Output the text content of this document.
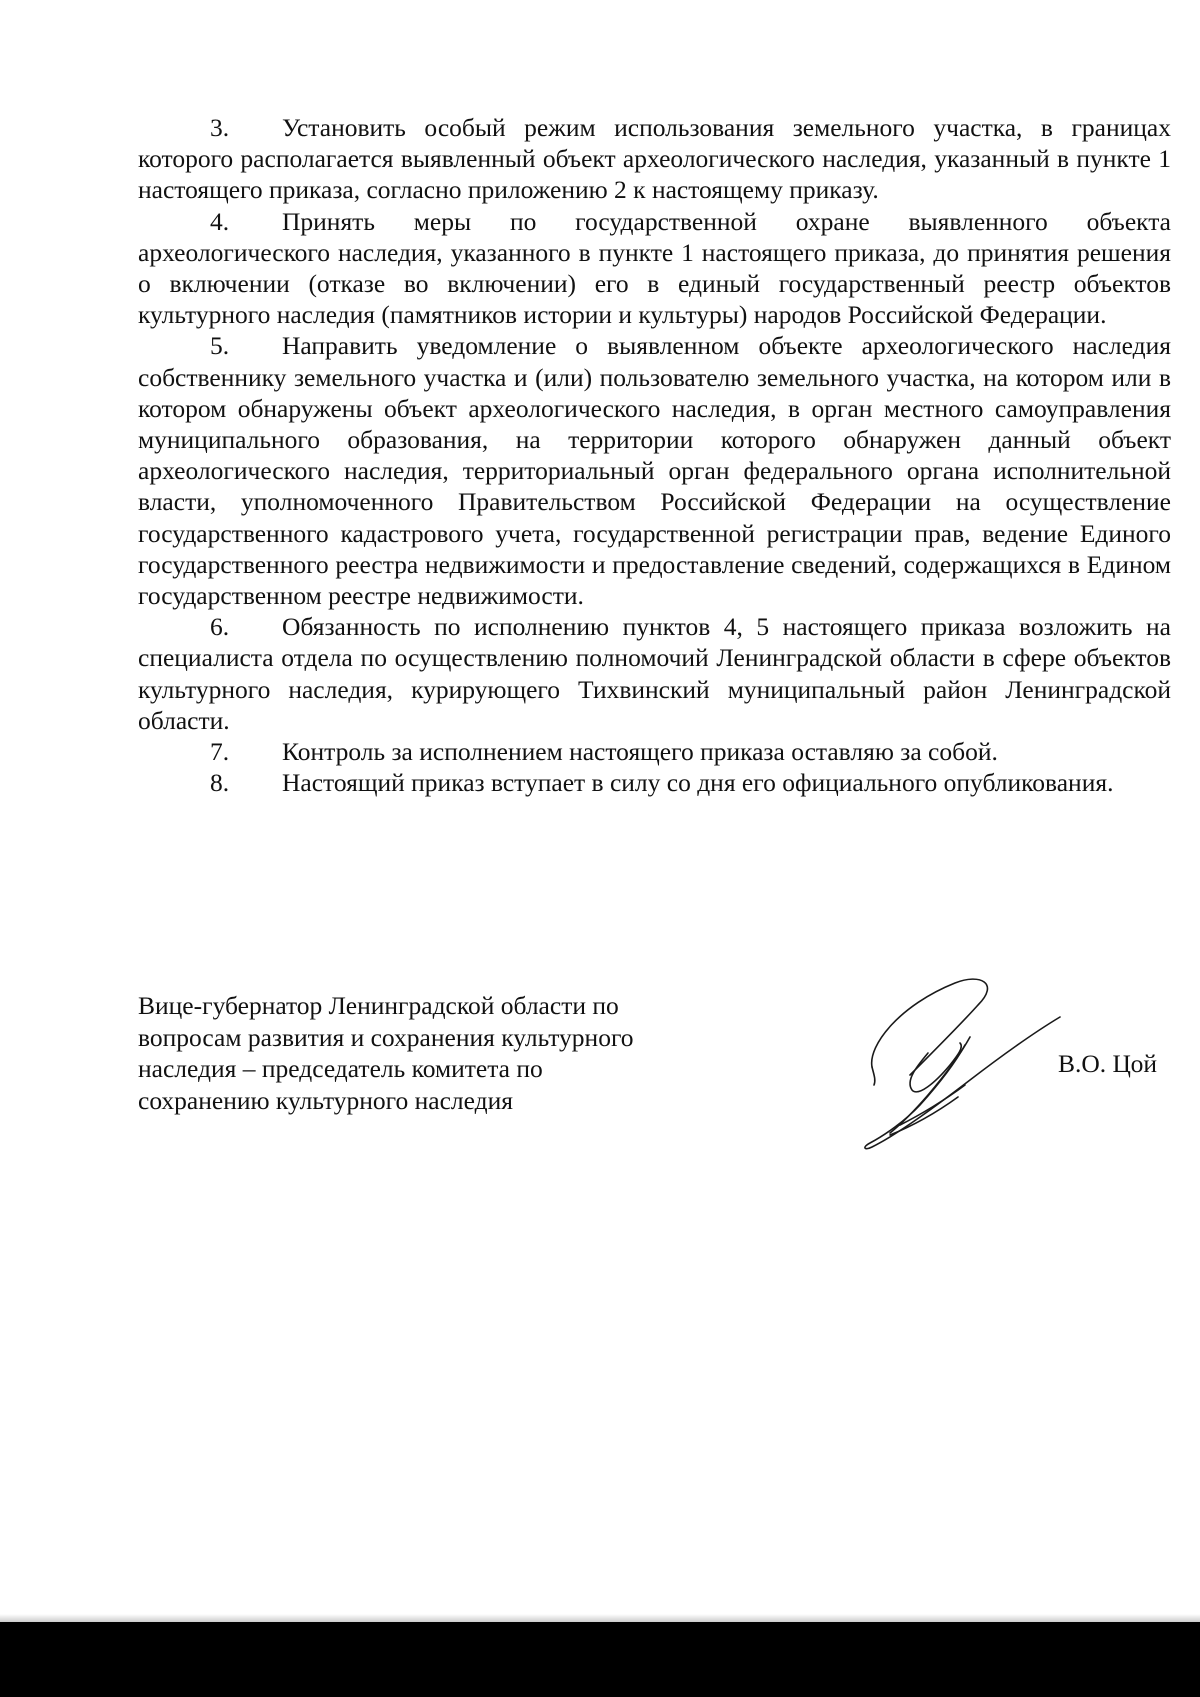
3. Установить особый режим использования земельного участка, в границах которого располагается выявленный объект археологического наследия, указанный в пункте 1 настоящего приказа, согласно приложению 2 к настоящему приказу.

4. Принять меры по государственной охране выявленного объекта археологического наследия, указанного в пункте 1 настоящего приказа, до принятия решения о включении (отказе во включении) его в единый государственный реестр объектов культурного наследия (памятников истории и культуры) народов Российской Федерации.

5. Направить уведомление о выявленном объекте археологического наследия собственнику земельного участка и (или) пользователю земельного участка, на котором или в котором обнаружены объект археологического наследия, в орган местного самоуправления муниципального образования, на территории которого обнаружен данный объект археологического наследия, территориальный орган федерального органа исполнительной власти, уполномоченного Правительством Российской Федерации на осуществление государственного кадастрового учета, государственной регистрации прав, ведение Единого государственного реестра недвижимости и предоставление сведений, содержащихся в Едином государственном реестре недвижимости.

6. Обязанность по исполнению пунктов 4, 5 настоящего приказа возложить на специалиста отдела по осуществлению полномочий Ленинградской области в сфере объектов культурного наследия, курирующего Тихвинский муниципальный район Ленинградской области.

7. Контроль за исполнением настоящего приказа оставляю за собой.

8. Настоящий приказ вступает в силу со дня его официального опубликования.

Вице-губернатор Ленинградской области по
вопросам развития и сохранения культурного
наследия – председатель комитета по
сохранению культурного наследия
В.О. Цой
